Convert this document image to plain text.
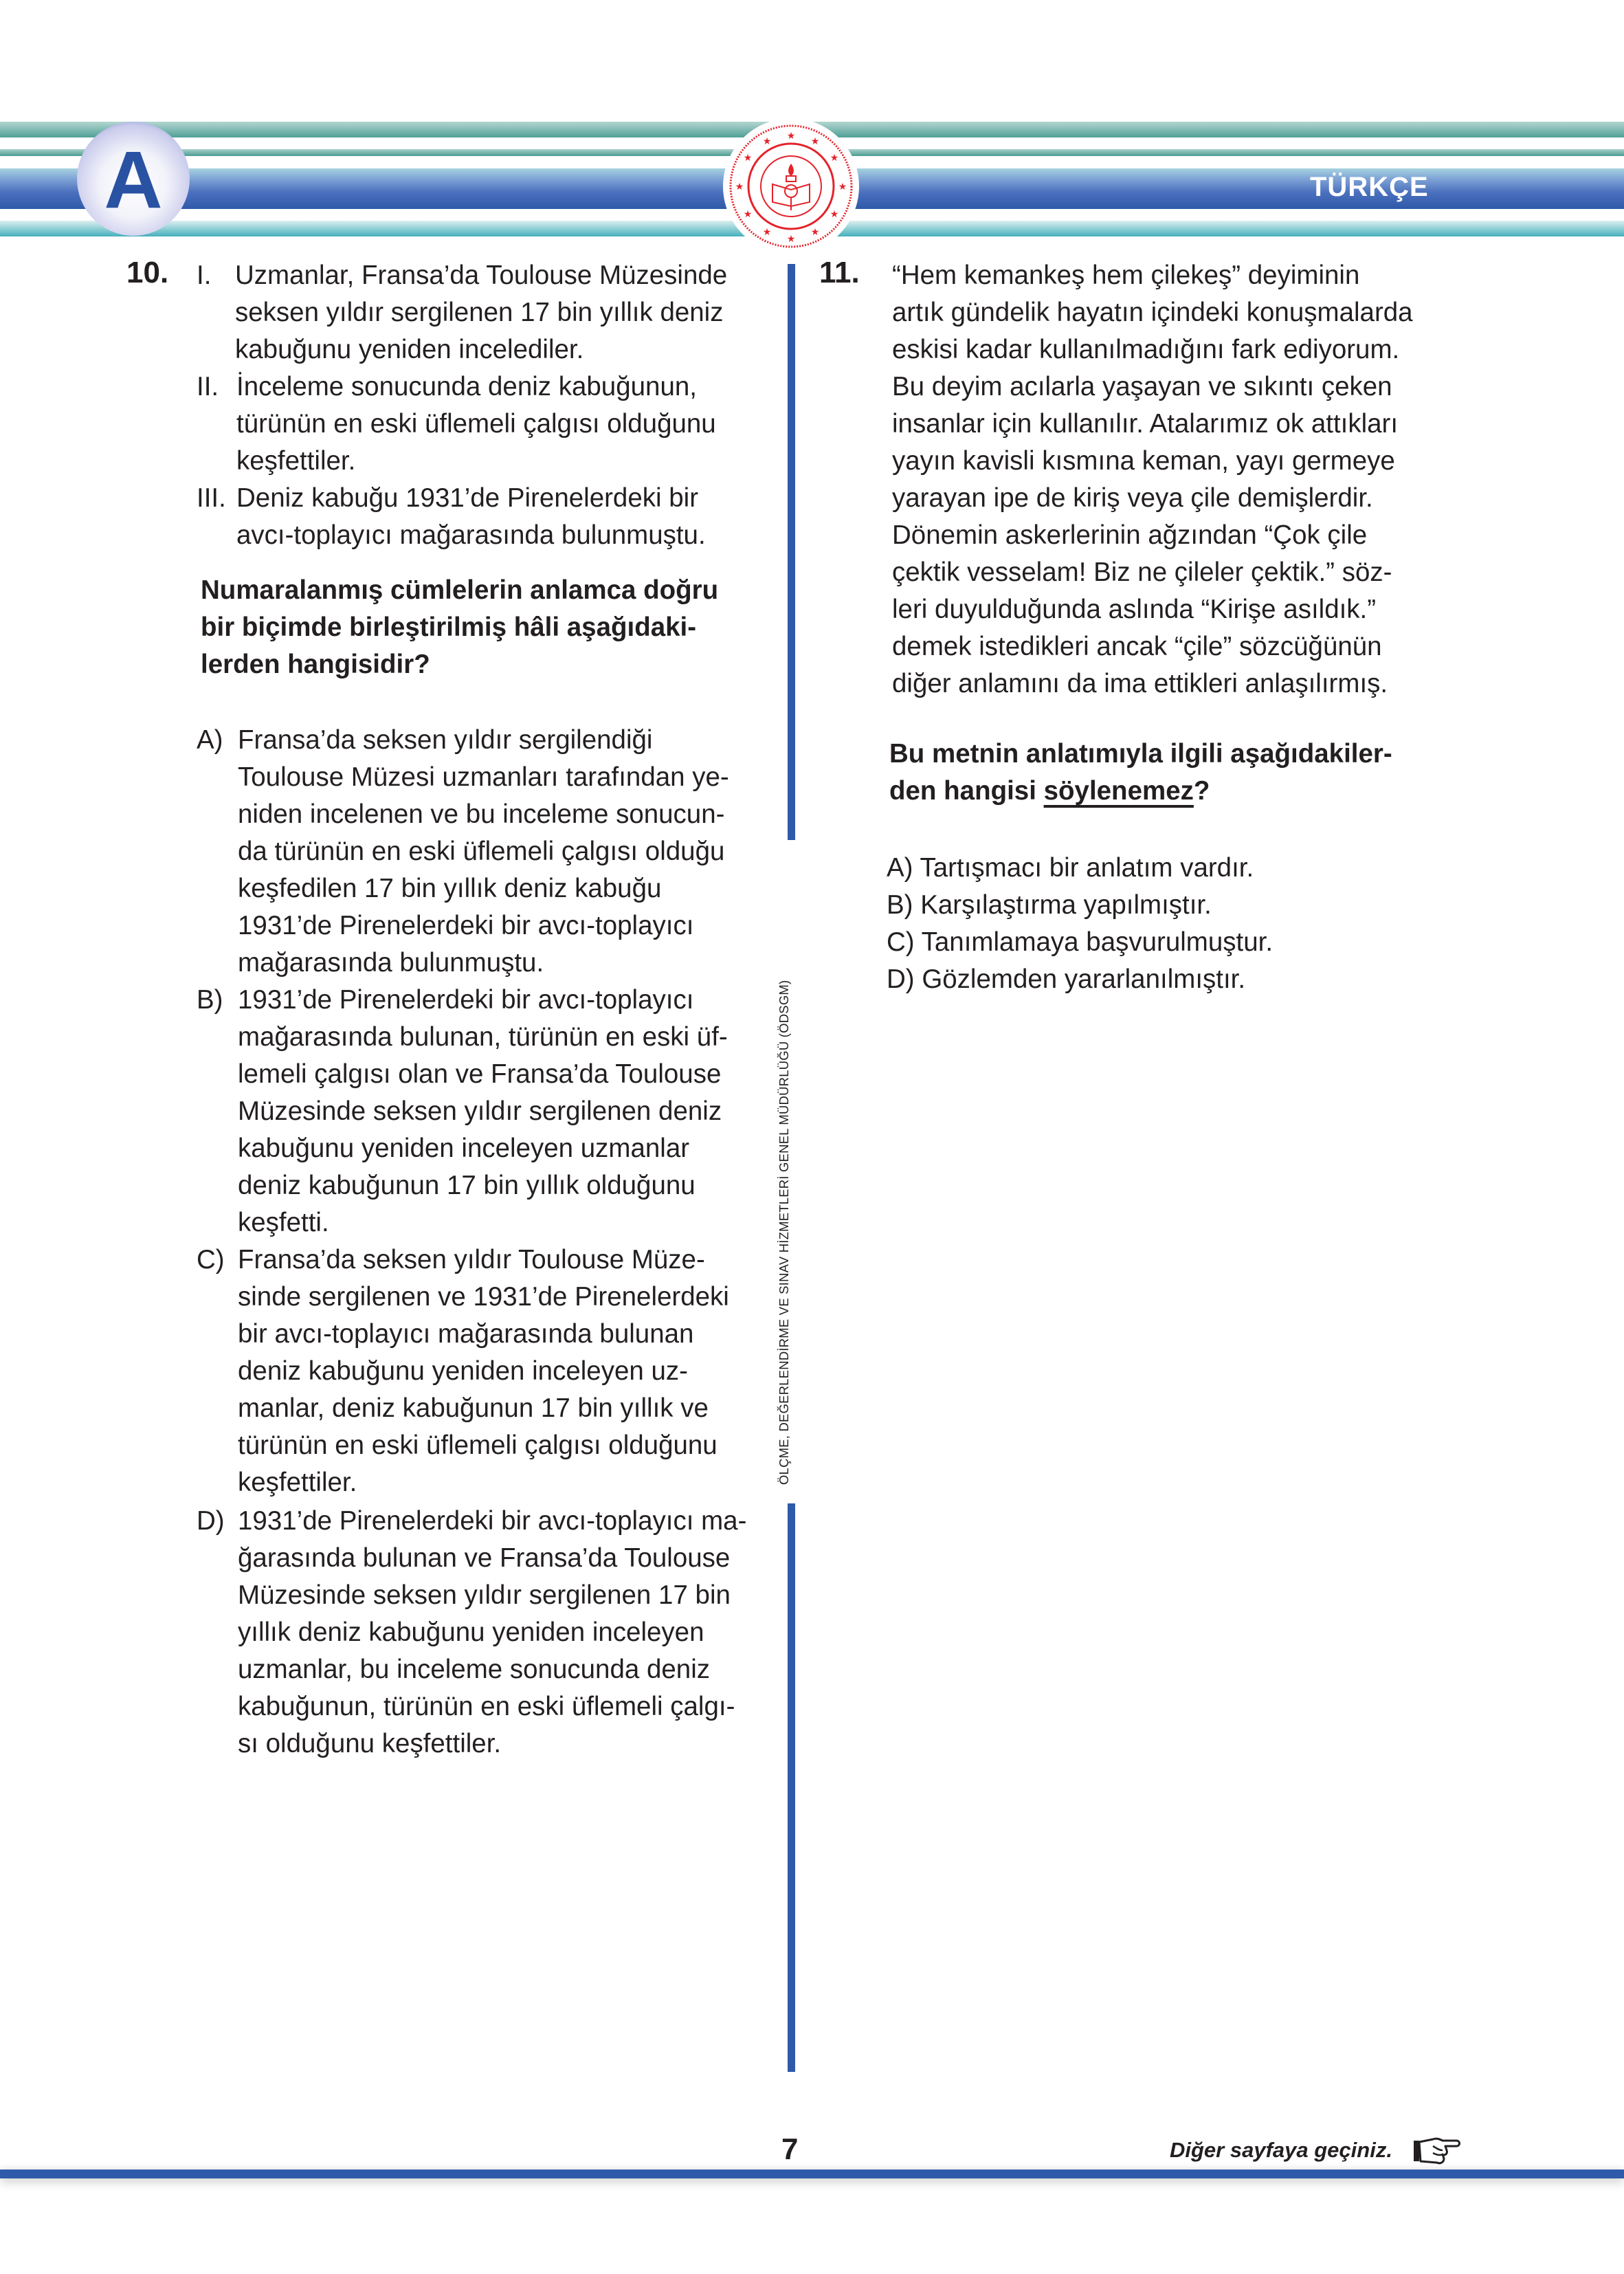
A	★ ★
★
★
★
★
★
★
★
★
★
★
TÜRKÇE
10. I. Uzmanlar, Fransa’da Toulouse Müzesinde
seksen yıldır sergilenen 17 bin yıllık deniz
kabuğunu yeniden incelediler.
II. İnceleme sonucunda deniz kabuğunun,
türünün en eski üflemeli çalgısı olduğunu
keşfettiler.
III. Deniz kabuğu 1931’de Pirenelerdeki bir
avcı-toplayıcı mağarasında bulunmuştu.
Numaralanmış cümlelerin anlamca doğru
bir biçimde birleştirilmiş hâli aşağıdaki-
lerden hangisidir?
A) Fransa’da seksen yıldır sergilendiği
Toulouse Müzesi uzmanları tarafından ye-
niden incelenen ve bu inceleme sonucun-
da türünün en eski üflemeli çalgısı olduğu
keşfedilen 17 bin yıllık deniz kabuğu
1931’de Pirenelerdeki bir avcı-toplayıcı
mağarasında bulunmuştu.
B) 1931’de Pirenelerdeki bir avcı-toplayıcı
mağarasında bulunan, türünün en eski üf-
lemeli çalgısı olan ve Fransa’da Toulouse
Müzesinde seksen yıldır sergilenen deniz
kabuğunu yeniden inceleyen uzmanlar
deniz kabuğunun 17 bin yıllık olduğunu
keşfetti.
C) Fransa’da seksen yıldır Toulouse Müze-
sinde sergilenen ve 1931’de Pirenelerdeki
bir avcı-toplayıcı mağarasında bulunan
deniz kabuğunu yeniden inceleyen uz-
manlar, deniz kabuğunun 17 bin yıllık ve
türünün en eski üflemeli çalgısı olduğunu
keşfettiler.
D) 1931’de Pirenelerdeki bir avcı-toplayıcı ma-
ğarasında bulunan ve Fransa’da Toulouse
Müzesinde seksen yıldır sergilenen 17 bin
yıllık deniz kabuğunu yeniden inceleyen
uzmanlar, bu inceleme sonucunda deniz
kabuğunun, türünün en eski üflemeli çalgı-
sı olduğunu keşfettiler.
ÖLÇME, DEĞERLENDİRME VE SINAV HİZMETLERİ GENEL MÜDÜRLÜĞÜ (ÖDSGM)
11. “Hem kemankeş hem çilekeş” deyiminin
artık gündelik hayatın içindeki konuşmalarda
eskisi kadar kullanılmadığını fark ediyorum.
Bu deyim acılarla yaşayan ve sıkıntı çeken
insanlar için kullanılır. Atalarımız ok attıkları
yayın kavisli kısmına keman, yayı germeye
yarayan ipe de kiriş veya çile demişlerdir.
Dönemin askerlerinin ağzından “Çok çile
çektik vesselam! Biz ne çileler çektik.” söz-
leri duyulduğunda aslında “Kirişe asıldık.”
demek istedikleri ancak “çile” sözcüğünün
diğer anlamını da ima ettikleri anlaşılırmış.
Bu metnin anlatımıyla ilgili aşağıdakiler-
den hangisi söylenemez?
A) Tartışmacı bir anlatım vardır.
B) Karşılaştırma yapılmıştır.
C) Tanımlamaya başvurulmuştur.
D) Gözlemden yararlanılmıştır.
7	Diğer sayfaya geçiniz.
